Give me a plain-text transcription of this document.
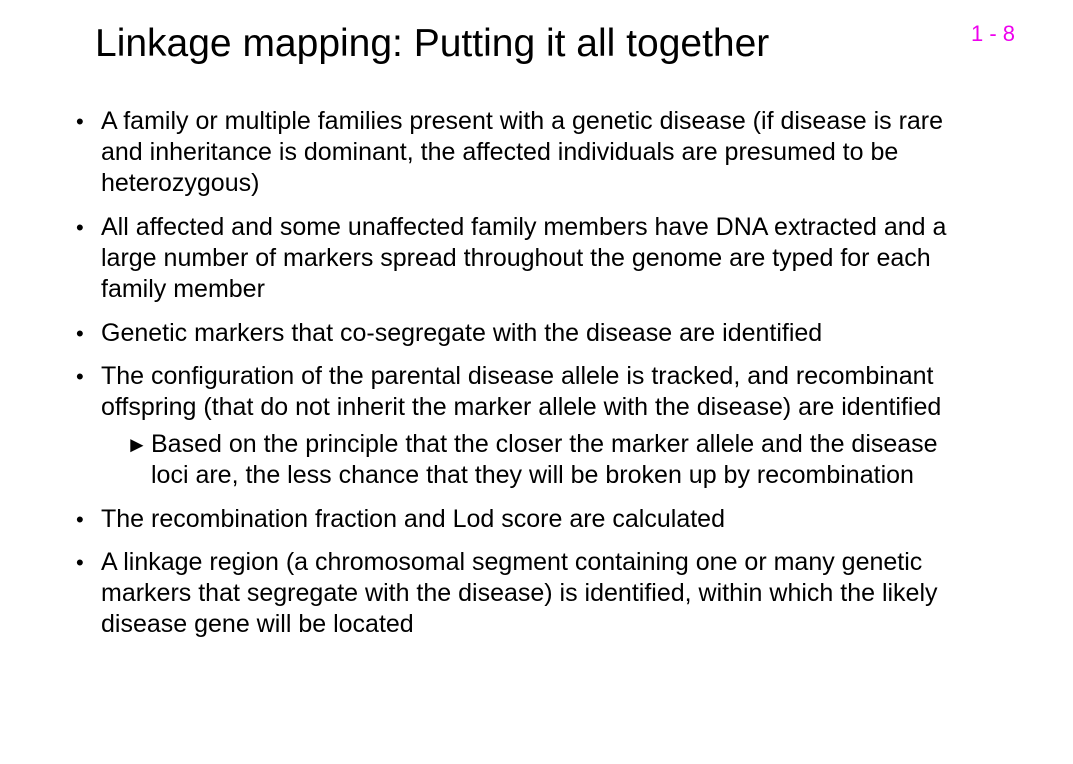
Linkage mapping: Putting it all together	1 - 8
• A family or multiple families present with a genetic disease (if disease is rare and inheritance is dominant, the affected individuals are presumed to be heterozygous)
• All affected and some unaffected family members have DNA extracted and a large number of markers spread throughout the genome are typed for each family member
• Genetic markers that co-segregate with the disease are identified
• The configuration of the parental disease allele is tracked, and recombinant offspring (that do not inherit the marker allele with the disease) are identified
► Based on the principle that the closer the marker allele and the disease loci are, the less chance that they will be broken up by recombination
• The recombination fraction and Lod score are calculated
• A linkage region (a chromosomal segment containing one or many genetic markers that segregate with the disease) is identified, within which the likely disease gene will be located
